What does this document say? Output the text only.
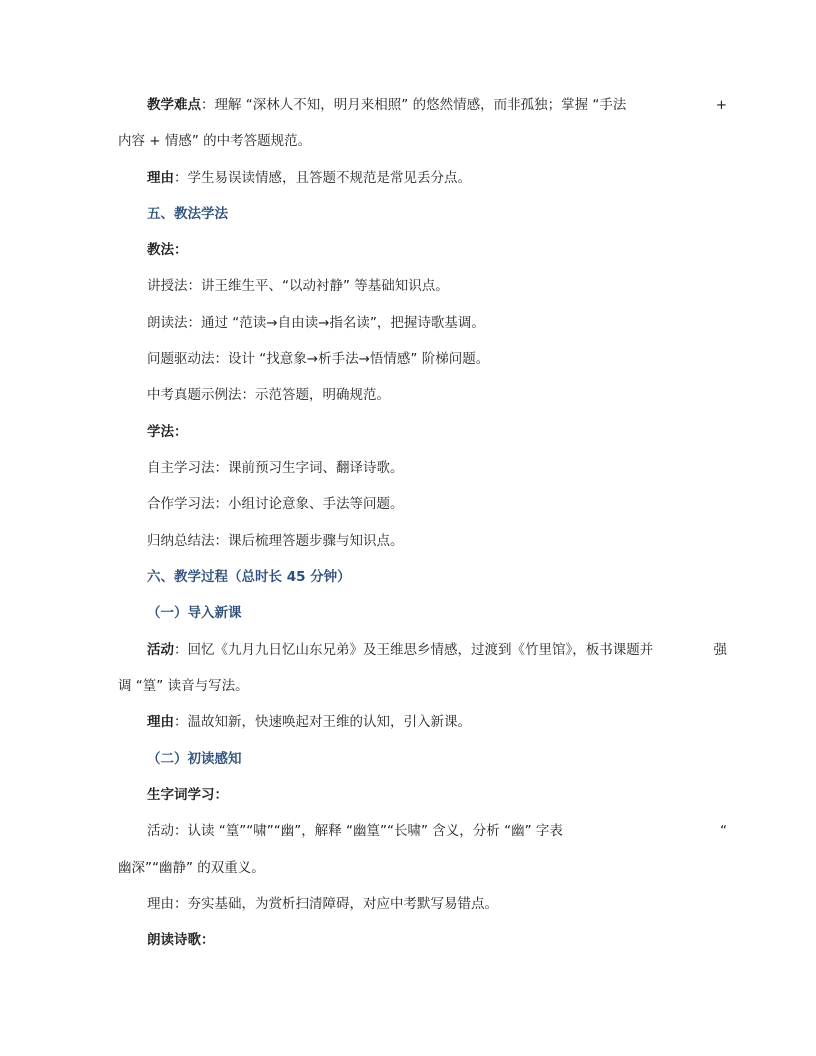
教学难点：理解 “深林人不知，明月来相照” 的悠然情感，而非孤独；掌握 “手法	+

内容 + 情感” 的中考答题规范。

理由：学生易误读情感，且答题不规范是常见丢分点。

五、教法学法

教法：

讲授法：讲王维生平、“以动衬静” 等基础知识点。

朗读法：通过 “范读→自由读→指名读”，把握诗歌基调。

问题驱动法：设计 “找意象→析手法→悟情感” 阶梯问题。

中考真题示例法：示范答题，明确规范。

学法：

自主学习法：课前预习生字词、翻译诗歌。

合作学习法：小组讨论意象、手法等问题。

归纳总结法：课后梳理答题步骤与知识点。

六、教学过程（总时长 45 分钟）

（一）导入新课

活动：回忆《九月九日忆山东兄弟》及王维思乡情感，过渡到《竹里馆》，板书课题并	强

调 “篁” 读音与写法。

理由：温故知新，快速唤起对王维的认知，引入新课。

（二）初读感知

生字词学习：

活动：认读 “篁”“啸”“幽”，解释 “幽篁”“长啸” 含义，分析 “幽” 字表	“

幽深”“幽静” 的双重义。

理由：夯实基础，为赏析扫清障碍，对应中考默写易错点。

朗读诗歌：
